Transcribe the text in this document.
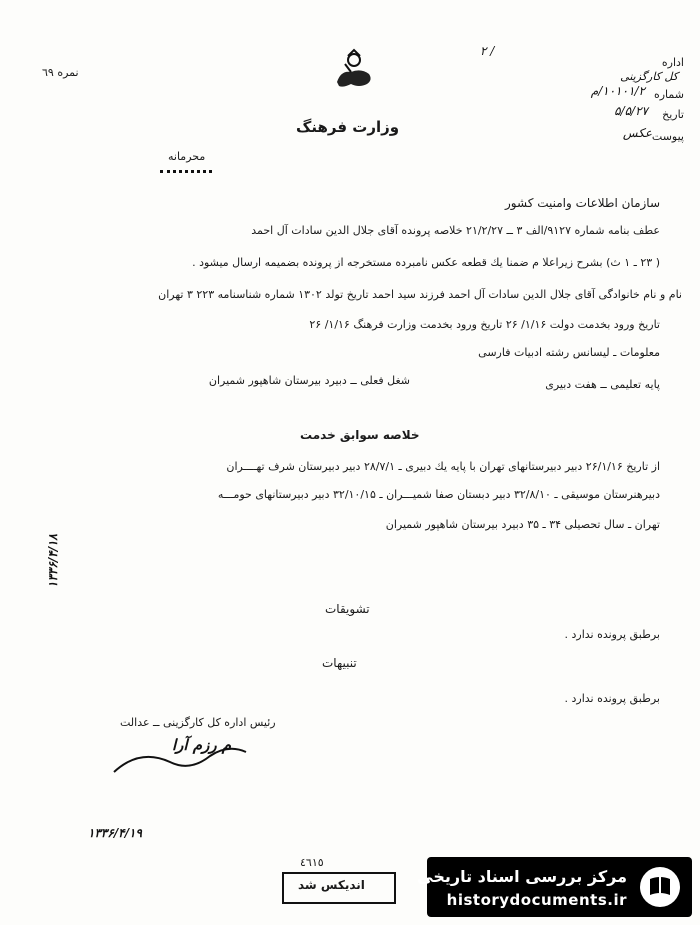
نمره ٦٩
وزارت فرهنگ
محرمانه
اداره
کل کارگزینی
شماره
۱۰۱۰۱/۲/م
تاریخ
۵/۵/۲۷
پیوست
عکس
/ ۲
سازمان اطلاعات وامنیت کشور
عطف بنامه شماره ۹۱۲۷/الف ۳ ــ ۲۱/۲/۲۷ خلاصه پرونده آقای جلال الدین سادات آل احمد
( ۲۳ ـ ۱ ث) بشرح زیراعلا م ضمنا یك قطعه عکس نامبرده مستخرجه از پرونده بضمیمه ارسال میشود .
نام و نام خانوادگی آقای جلال الدین سادات آل احمد فرزند سید احمد تاریخ تولد ۱۳۰۲ شماره شناسنامه ۲۲۳ ۳ تهران
تاریخ ورود بخدمت دولت ۱/۱۶/ ۲۶ تاریخ ورود بخدمت وزارت فرهنگ ۱/۱۶/ ۲۶
معلومات ـ لیسانس رشته ادبیات فارسی
پایه تعلیمی ــ هفت دبیری
شغل فعلی ــ دبیرد بیرستان شاهپور شمیران
خلاصه سوابق خدمت
از تاریخ ۲۶/۱/۱۶ دبیر دبیرستانهای تهران با پایه یك دبیری ـ ۲۸/۷/۱ دبیر دبیرستان شرف تهــــران
دبیرهنرستان موسیقی ـ ۳۲/۸/۱۰ دبیر دبستان صفا شمیـــران ـ ۳۲/۱۰/۱۵ دبیر دبیرستانهای حومـــه
تهران ـ سال تحصیلی ۳۴ ـ ۳۵ دبیرد بیرستان شاهپور شمیران
تشویقات
برطبق پرونده ندارد .
تنبیهات
برطبق پرونده ندارد .
رئیس اداره کل کارگزینی ــ عدالت
م رزم آرا
۱۳۳۶/۴/۱۸
۱۳۳۶/۴/۱۹
٤٦١٥
اندیکس شد	مرکز بررسی اسناد تاریخی
historydocuments.ir
